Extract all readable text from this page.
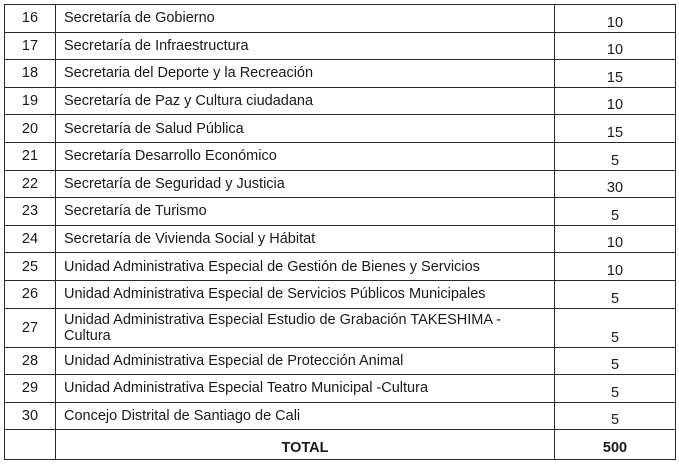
16	Secretaría de Gobierno	10
17	Secretaría de Infraestructura	10
18	Secretaria del Deporte y la Recreación	15
19	Secretaría de Paz y Cultura ciudadana	10
20	Secretaría de Salud Pública	15
21	Secretaría Desarrollo Económico	5
22	Secretaría de Seguridad y Justicia	30
23	Secretaría de Turismo	5
24	Secretaría de Vivienda Social y Hábitat	10
25	Unidad Administrativa Especial de Gestión de Bienes y Servicios	10
26	Unidad Administrativa Especial de Servicios Públicos Municipales	5
27	Unidad Administrativa Especial Estudio de Grabación TAKESHIMA - Cultura	5
28	Unidad Administrativa Especial de Protección Animal	5
29	Unidad Administrativa Especial Teatro Municipal -Cultura	5
30	Concejo Distrital de Santiago de Cali	5
	TOTAL	500
